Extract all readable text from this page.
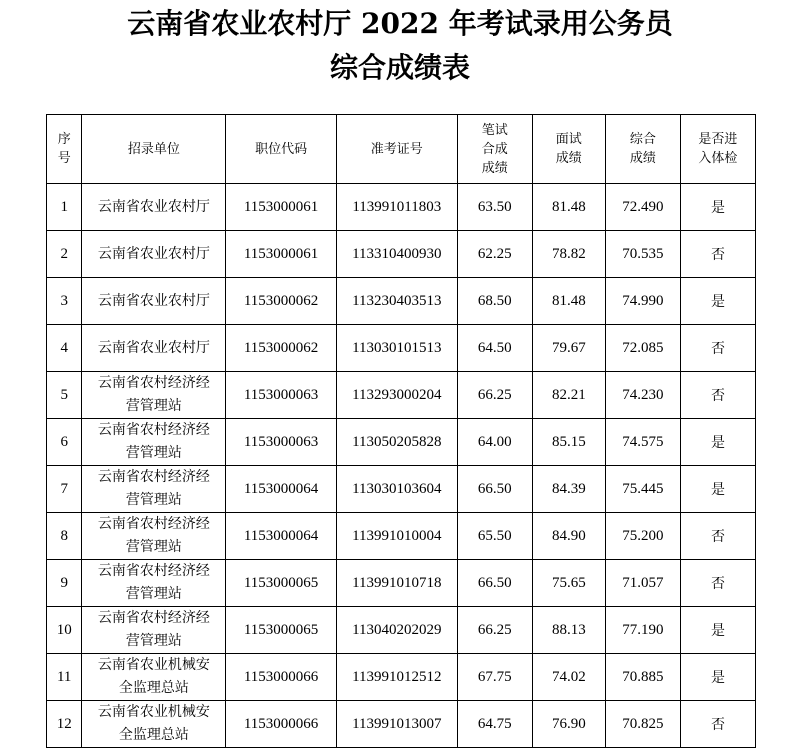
云南省农业农村厅 2022 年考试录用公务员
综合成绩表
序号	招录单位	职位代码	准考证号	笔试合成成绩	面试成绩	综合成绩	是否进入体检
1	云南省农业农村厅	1153000061	113991011803	63.50	81.48	72.490	是
2	云南省农业农村厅	1153000061	113310400930	62.25	78.82	70.535	否
3	云南省农业农村厅	1153000062	113230403513	68.50	81.48	74.990	是
4	云南省农业农村厅	1153000062	113030101513	64.50	79.67	72.085	否
5	云南省农村经济经营管理站	1153000063	113293000204	66.25	82.21	74.230	否
6	云南省农村经济经营管理站	1153000063	113050205828	64.00	85.15	74.575	是
7	云南省农村经济经营管理站	1153000064	113030103604	66.50	84.39	75.445	是
8	云南省农村经济经营管理站	1153000064	113991010004	65.50	84.90	75.200	否
9	云南省农村经济经营管理站	1153000065	113991010718	66.50	75.65	71.057	否
10	云南省农村经济经营管理站	1153000065	113040202029	66.25	88.13	77.190	是
11	云南省农业机械安全监理总站	1153000066	113991012512	67.75	74.02	70.885	是
12	云南省农业机械安全监理总站	1153000066	113991013007	64.75	76.90	70.825	否
